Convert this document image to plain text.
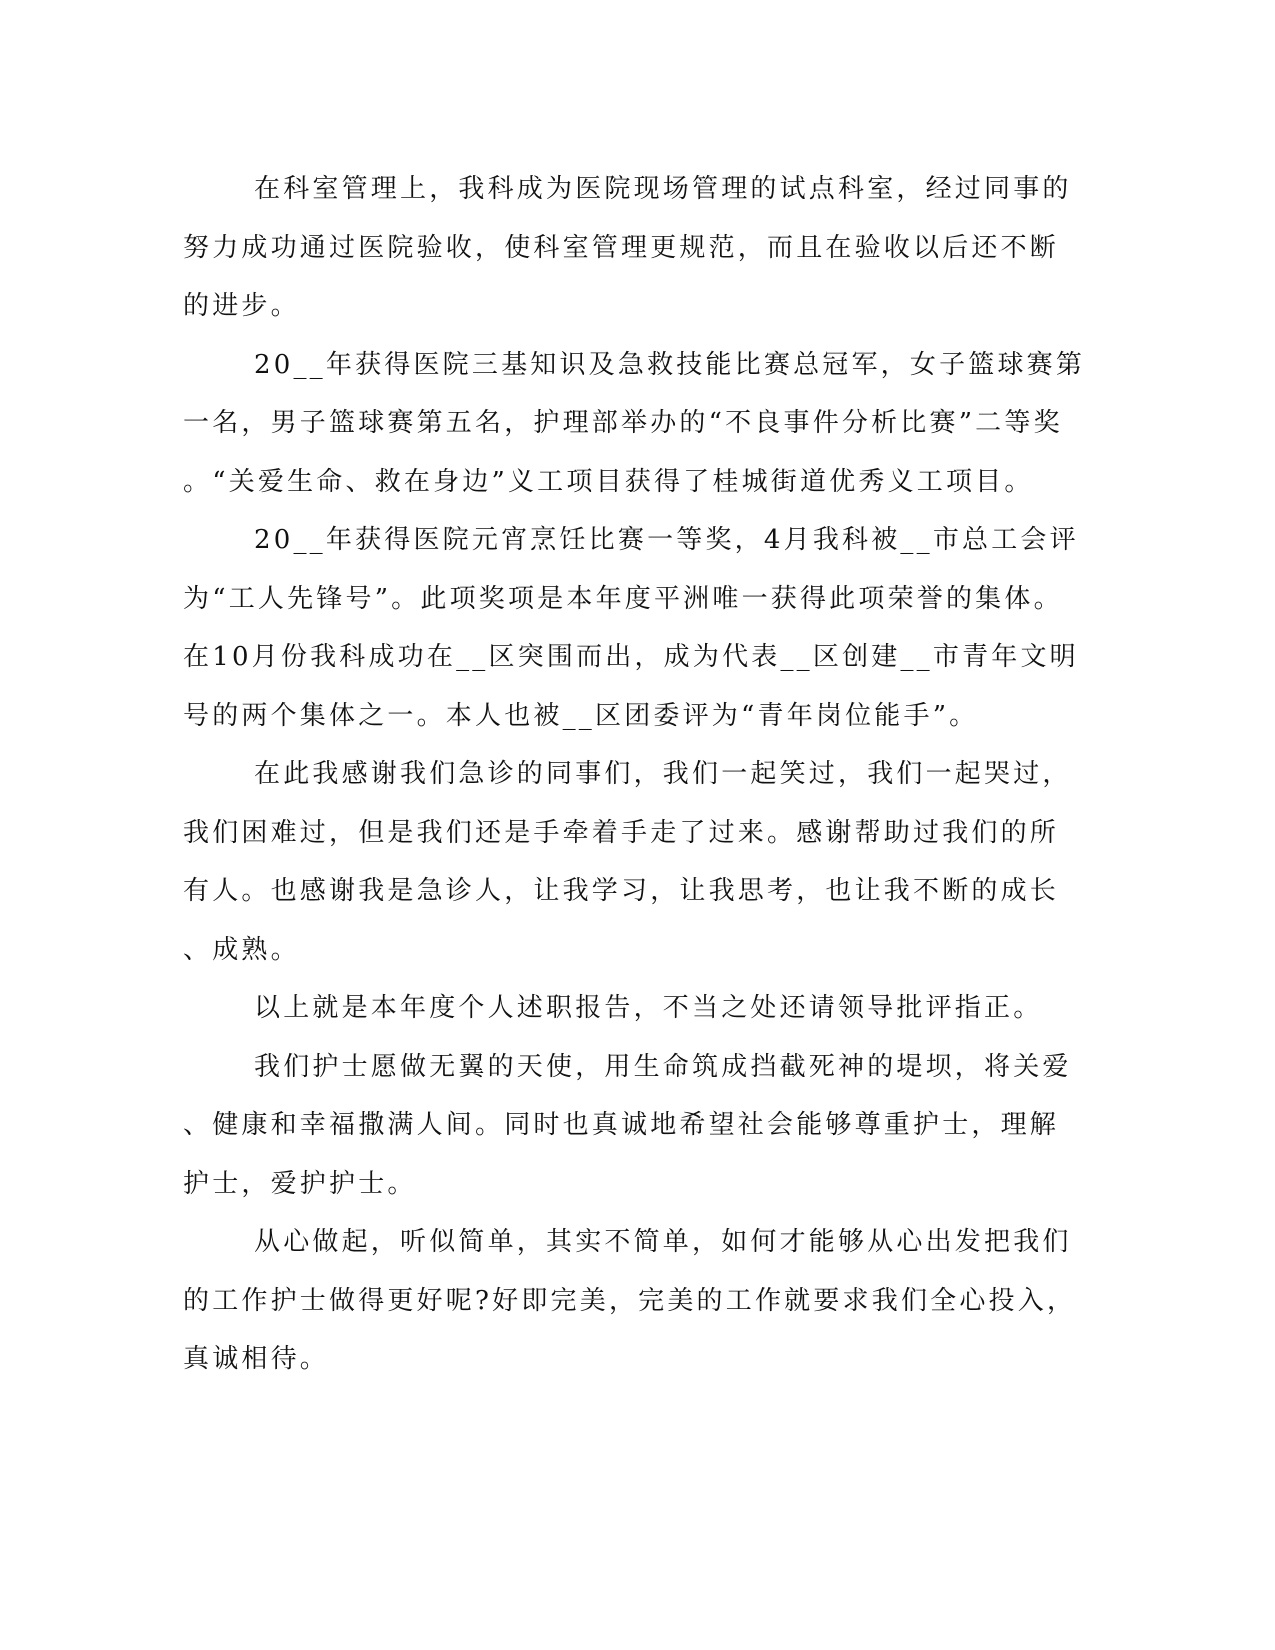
在科室管理上，我科成为医院现场管理的试点科室，经过同事的
努力成功通过医院验收，使科室管理更规范，而且在验收以后还不断
的进步。

20__年获得医院三基知识及急救技能比赛总冠军，女子篮球赛第
一名，男子篮球赛第五名，护理部举办的“不良事件分析比赛”二等奖
。“关爱生命、救在身边”义工项目获得了桂城街道优秀义工项目。

20__年获得医院元宵烹饪比赛一等奖，4月我科被__市总工会评
为“工人先锋号”。此项奖项是本年度平洲唯一获得此项荣誉的集体。
在10月份我科成功在__区突围而出，成为代表__区创建__市青年文明
号的两个集体之一。本人也被__区团委评为“青年岗位能手”。

在此我感谢我们急诊的同事们，我们一起笑过，我们一起哭过，
我们困难过，但是我们还是手牵着手走了过来。感谢帮助过我们的所
有人。也感谢我是急诊人，让我学习，让我思考，也让我不断的成长
、成熟。

以上就是本年度个人述职报告，不当之处还请领导批评指正。

我们护士愿做无翼的天使，用生命筑成挡截死神的堤坝，将关爱
、健康和幸福撒满人间。同时也真诚地希望社会能够尊重护士，理解
护士，爱护护士。

从心做起，听似简单，其实不简单，如何才能够从心出发把我们
的工作护士做得更好呢?好即完美，完美的工作就要求我们全心投入，
真诚相待。
